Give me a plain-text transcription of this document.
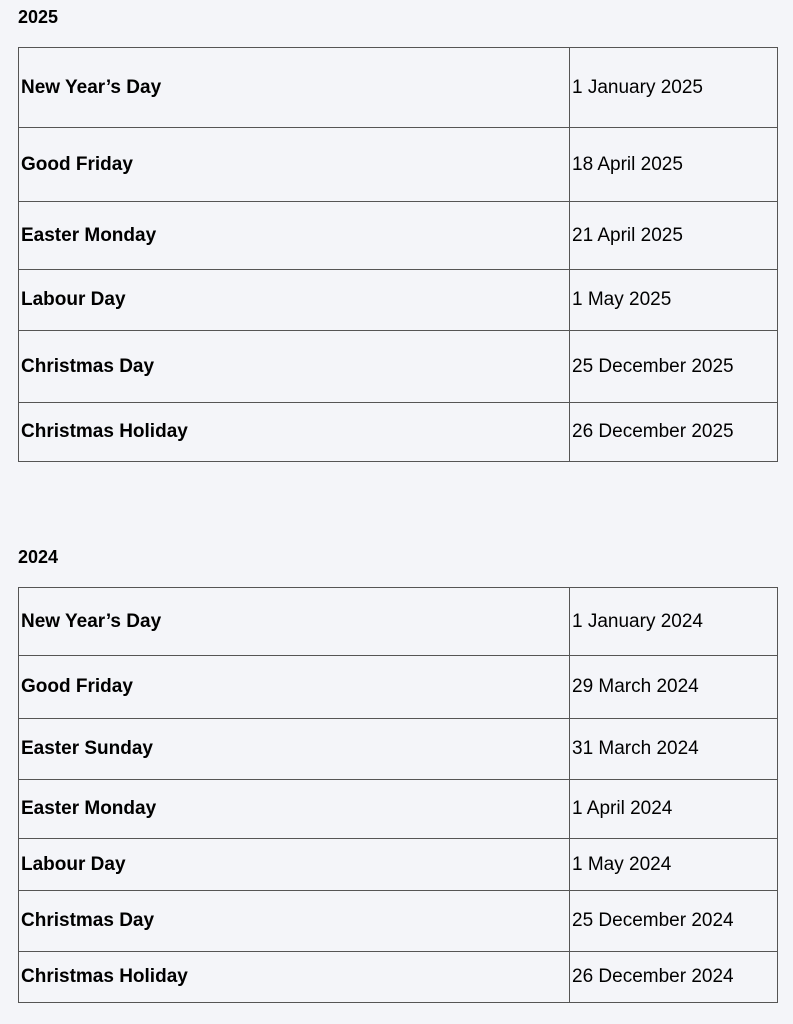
2025
New Year’s Day	1 January 2025
Good Friday	18 April 2025
Easter Monday	21 April 2025
Labour Day	1 May 2025
Christmas Day	25 December 2025
Christmas Holiday	26 December 2025
2024
New Year’s Day	1 January 2024
Good Friday	29 March 2024
Easter Sunday	31 March 2024
Easter Monday	1 April 2024
Labour Day	1 May 2024
Christmas Day	25 December 2024
Christmas Holiday	26 December 2024
